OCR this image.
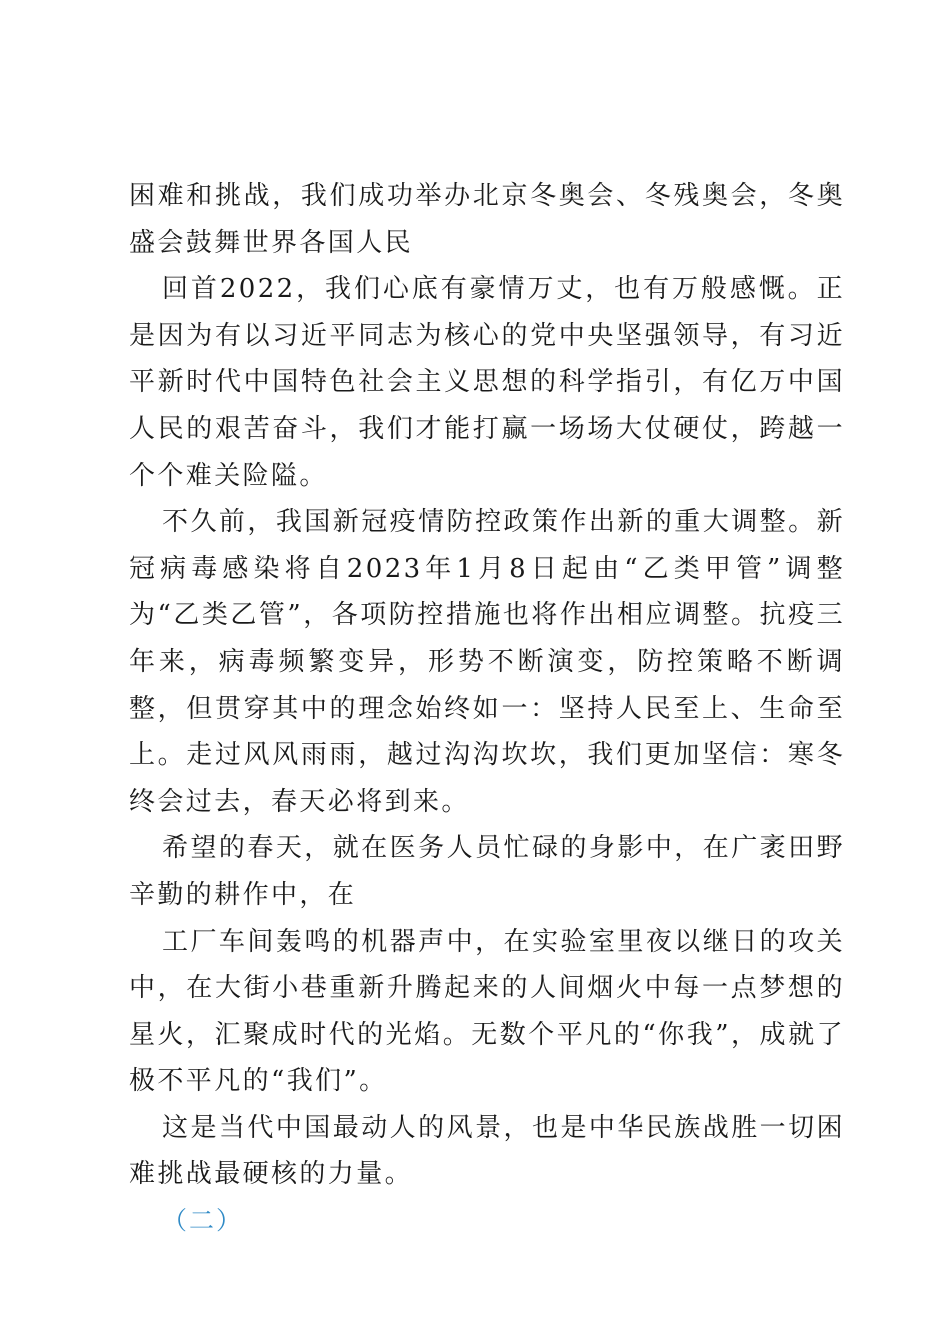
困难和挑战，我们成功举办北京冬奥会、冬残奥会，冬奥盛会鼓舞世界各国人民

回首2022，我们心底有豪情万丈，也有万般感慨。正是因为有以习近平同志为核心的党中央坚强领导，有习近平新时代中国特色社会主义思想的科学指引，有亿万中国人民的艰苦奋斗，我们才能打赢一场场大仗硬仗，跨越一个个难关险隘。

不久前，我国新冠疫情防控政策作出新的重大调整。新冠病毒感染将自2023年1月8日起由“乙类甲管”调整为“乙类乙管”，各项防控措施也将作出相应调整。抗疫三年来，病毒频繁变异，形势不断演变，防控策略不断调整，但贯穿其中的理念始终如一：坚持人民至上、生命至上。走过风风雨雨，越过沟沟坎坎，我们更加坚信：寒冬终会过去，春天必将到来。

希望的春天，就在医务人员忙碌的身影中，在广袤田野辛勤的耕作中，在

工厂车间轰鸣的机器声中，在实验室里夜以继日的攻关中，在大街小巷重新升腾起来的人间烟火中每一点梦想的星火，汇聚成时代的光焰。无数个平凡的“你我”，成就了极不平凡的“我们”。

这是当代中国最动人的风景，也是中华民族战胜一切困难挑战最硬核的力量。

（二）
